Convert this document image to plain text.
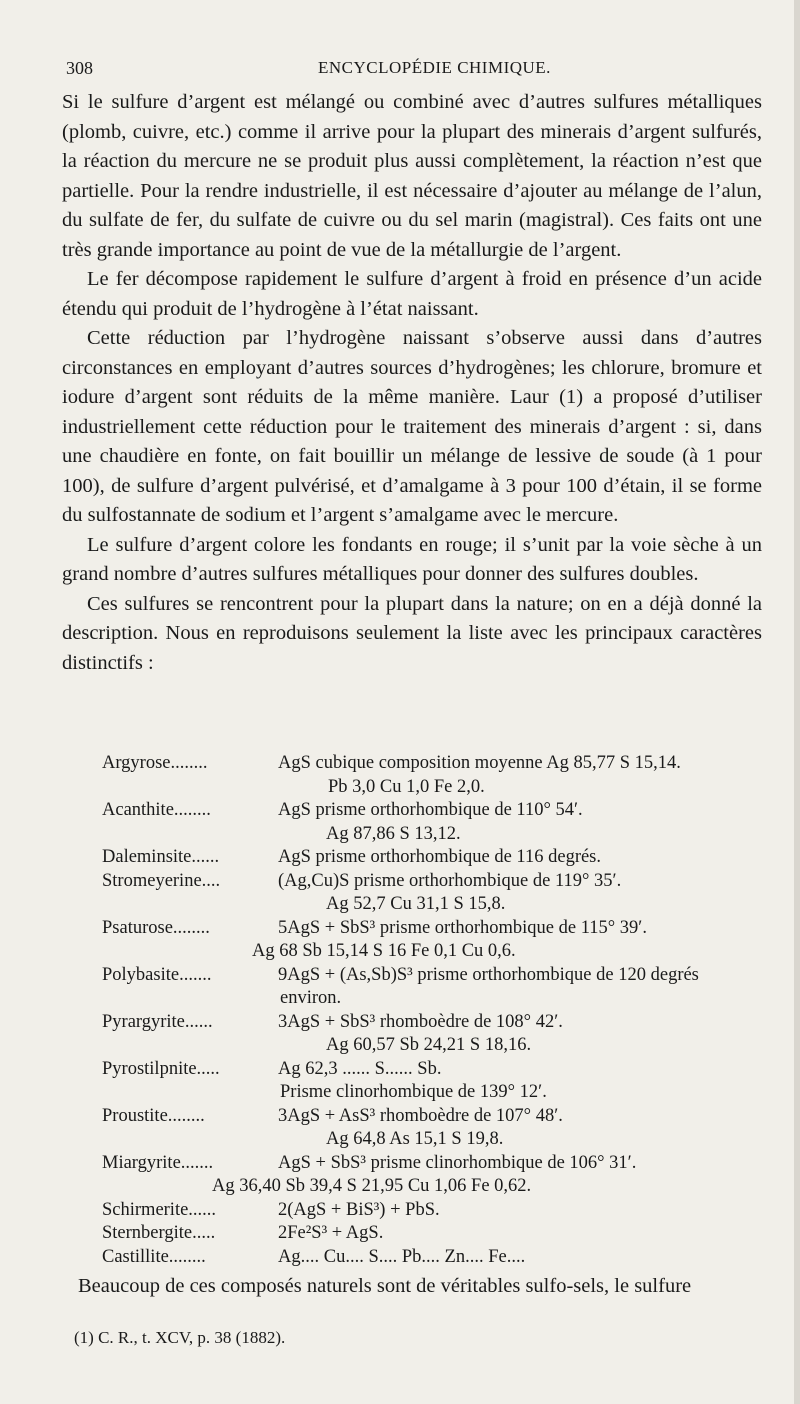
308	ENCYCLOPÉDIE CHIMIQUE.

Si le sulfure d’argent est mélangé ou combiné avec d’autres sulfures métalliques (plomb, cuivre, etc.) comme il arrive pour la plupart des minerais d’argent sulfurés, la réaction du mercure ne se produit plus aussi complètement, la réaction n’est que partielle. Pour la rendre industrielle, il est nécessaire d’ajouter au mélange de l’alun, du sulfate de fer, du sulfate de cuivre ou du sel marin (magistral). Ces faits ont une très grande importance au point de vue de la métallurgie de l’argent.

Le fer décompose rapidement le sulfure d’argent à froid en présence d’un acide étendu qui produit de l’hydrogène à l’état naissant.

Cette réduction par l’hydrogène naissant s’observe aussi dans d’autres circonstances en employant d’autres sources d’hydrogènes; les chlorure, bromure et iodure d’argent sont réduits de la même manière. Laur (1) a proposé d’utiliser industriellement cette réduction pour le traitement des minerais d’argent : si, dans une chaudière en fonte, on fait bouillir un mélange de lessive de soude (à 1 pour 100), de sulfure d’argent pulvérisé, et d’amalgame à 3 pour 100 d’étain, il se forme du sulfostannate de sodium et l’argent s’amalgame avec le mercure.

Le sulfure d’argent colore les fondants en rouge; il s’unit par la voie sèche à un grand nombre d’autres sulfures métalliques pour donner des sulfures doubles.

Ces sulfures se rencontrent pour la plupart dans la nature; on en a déjà donné la description. Nous en reproduisons seulement la liste avec les principaux caractères distinctifs :

Argyrose........	AgS cubique composition moyenne Ag 85,77 S 15,14.
Pb 3,0 Cu 1,0 Fe 2,0.
Acanthite........	AgS prisme orthorhombique de 110° 54′.
Ag 87,86 S 13,12.
Daleminsite......	AgS prisme orthorhombique de 116 degrés.
Stromeyerine....	(Ag,Cu)S prisme orthorhombique de 119° 35′.
Ag 52,7 Cu 31,1 S 15,8.
Psaturose........	5AgS + SbS³ prisme orthorhombique de 115° 39′.
Ag 68 Sb 15,14 S 16 Fe 0,1 Cu 0,6.
Polybasite.......	9AgS + (As,Sb)S³ prisme orthorhombique de 120 degrés
environ.
Pyrargyrite......	3AgS + SbS³ rhomboèdre de 108° 42′.
Ag 60,57 Sb 24,21 S 18,16.
Pyrostilpnite.....	Ag 62,3 ...... S...... Sb.
Prisme clinorhombique de 139° 12′.
Proustite........	3AgS + AsS³ rhomboèdre de 107° 48′.
Ag 64,8 As 15,1 S 19,8.
Miargyrite.......	AgS + SbS³ prisme clinorhombique de 106° 31′.
Ag 36,40 Sb 39,4 S 21,95 Cu 1,06 Fe 0,62.
Schirmerite......	2(AgS + BiS³) + PbS.
Sternbergite.....	2Fe²S³ + AgS.
Castillite........	Ag.... Cu.... S.... Pb.... Zn.... Fe....
Beaucoup de ces composés naturels sont de véritables sulfo-sels, le sulfure
(1) C. R., t. XCV, p. 38 (1882).
